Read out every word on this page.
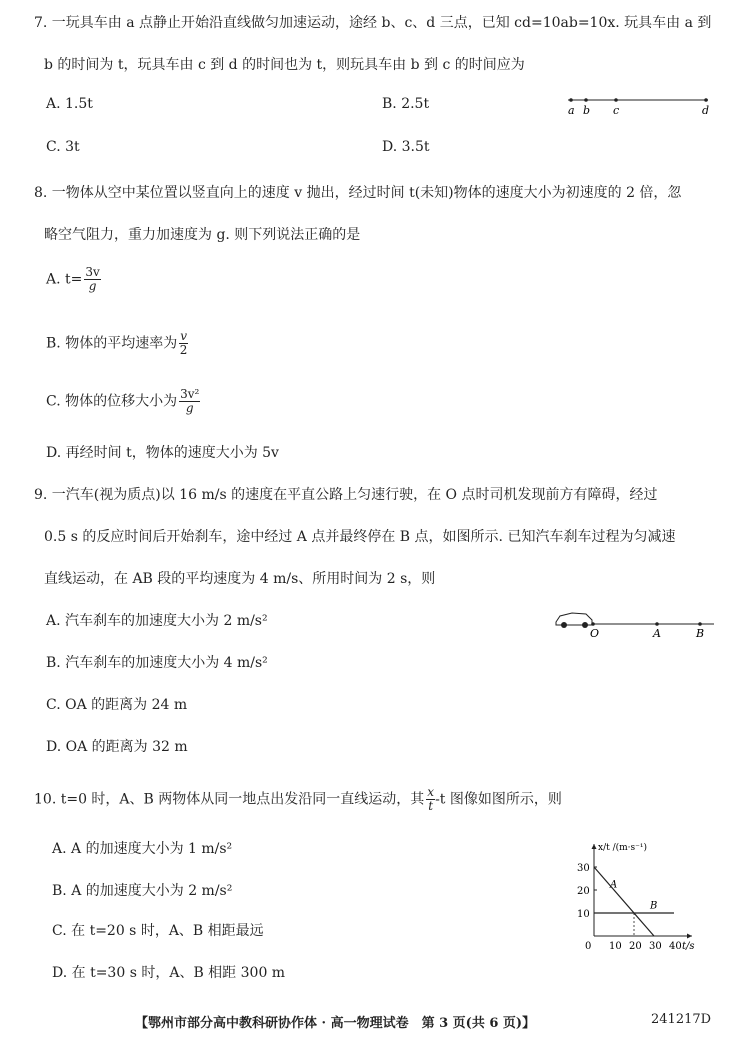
7. 一玩具车由 a 点静止开始沿直线做匀加速运动，途经 b、c、d 三点，已知 cd=10ab=10x. 玩具车由 a 到
b 的时间为 t，玩具车由 c 到 d 的时间也为 t，则玩具车由 b 到 c 的时间应为
A. 1.5t	B. 2.5t
C. 3t	D. 3.5t
a b c	d
8. 一物体从空中某位置以竖直向上的速度 v 抛出，经过时间 t(未知)物体的速度大小为初速度的 2 倍，忽
略空气阻力，重力加速度为 g. 则下列说法正确的是
A. $t= \frac{3v}{g}$
B. 物体的平均速率为 $\frac{v}{2}$
C. 物体的位移大小为 $\frac{\text{3v²}}{g}$
D. 再经时间 t，物体的速度大小为 5v
9. 一汽车(视为质点)以 16 m/s 的速度在平直公路上匀速行驶，在 O 点时司机发现前方有障碍，经过
0.5 s 的反应时间后开始刹车，途中经过 A 点并最终停在 B 点，如图所示. 已知汽车刹车过程为匀减速
直线运动，在 AB 段的平均速度为 4 m/s、所用时间为 2 s，则
A. 汽车刹车的加速度大小为 2 m/s²
B. 汽车刹车的加速度大小为 4 m/s²
C. OA 的距离为 24 m
D. OA 的距离为 32 m
O	A	B
10. t=0 时，A、B 两物体从同一地点出发沿同一直线运动，其 $\frac{x}{t} -t$ 图像如图所示，则
A. A 的加速度大小为 1 m/s²
B. A 的加速度大小为 2 m/s²
C. 在 t=20 s 时，A、B 相距最远
D. 在 t=30 s 时，A、B 相距 300 m
x/t /(m·s⁻¹)
t/s
0 10 20 30 40
10
20
30
A
B
【鄂州市部分高中教科研协作体 · 高一物理试卷　第 3 页(共 6 页)】	241217D
